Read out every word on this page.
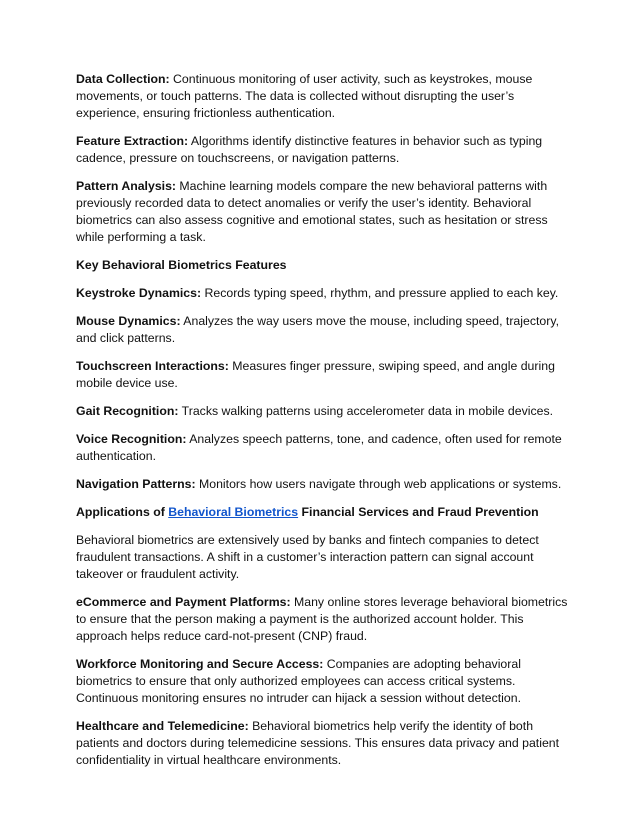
Data Collection: Continuous monitoring of user activity, such as keystrokes, mouse movements, or touch patterns. The data is collected without disrupting the user’s experience, ensuring frictionless authentication.

Feature Extraction: Algorithms identify distinctive features in behavior such as typing cadence, pressure on touchscreens, or navigation patterns.

Pattern Analysis: Machine learning models compare the new behavioral patterns with previously recorded data to detect anomalies or verify the user’s identity. Behavioral biometrics can also assess cognitive and emotional states, such as hesitation or stress while performing a task.

Key Behavioral Biometrics Features

Keystroke Dynamics: Records typing speed, rhythm, and pressure applied to each key.

Mouse Dynamics: Analyzes the way users move the mouse, including speed, trajectory, and click patterns.

Touchscreen Interactions: Measures finger pressure, swiping speed, and angle during mobile device use.

Gait Recognition: Tracks walking patterns using accelerometer data in mobile devices.

Voice Recognition: Analyzes speech patterns, tone, and cadence, often used for remote authentication.

Navigation Patterns: Monitors how users navigate through web applications or systems.

Applications of Behavioral Biometrics Financial Services and Fraud Prevention

Behavioral biometrics are extensively used by banks and fintech companies to detect fraudulent transactions. A shift in a customer’s interaction pattern can signal account takeover or fraudulent activity.

eCommerce and Payment Platforms: Many online stores leverage behavioral biometrics to ensure that the person making a payment is the authorized account holder. This approach helps reduce card-not-present (CNP) fraud.

Workforce Monitoring and Secure Access: Companies are adopting behavioral biometrics to ensure that only authorized employees can access critical systems. Continuous monitoring ensures no intruder can hijack a session without detection.

Healthcare and Telemedicine: Behavioral biometrics help verify the identity of both patients and doctors during telemedicine sessions. This ensures data privacy and patient confidentiality in virtual healthcare environments.
